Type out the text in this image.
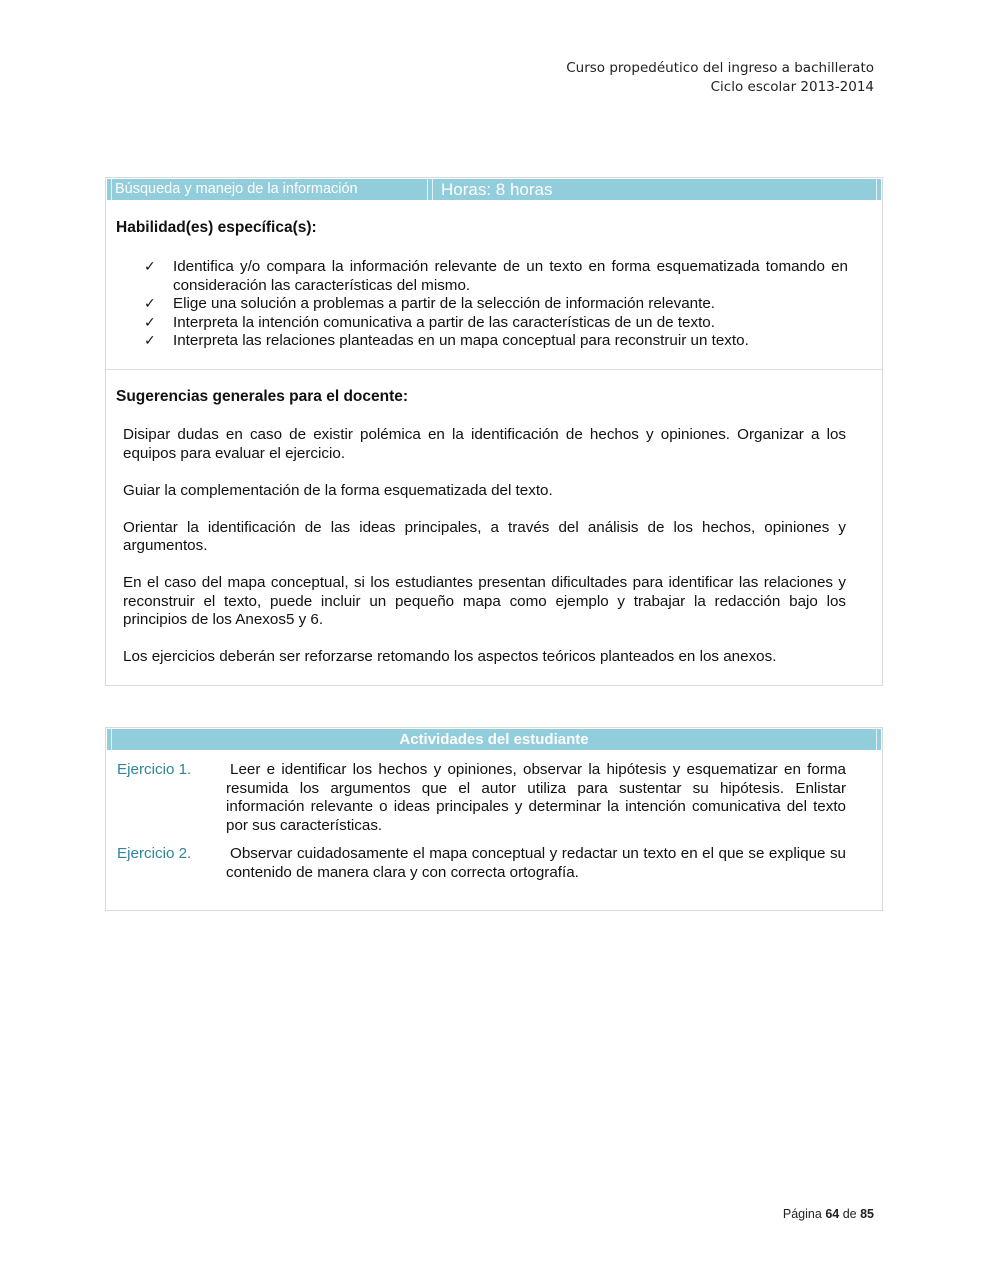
Curso propedéutico del ingreso a bachillerato
Ciclo escolar 2013-2014
Búsqueda y manejo de la información	Horas: 8 horas
Habilidad(es) específica(s):
✓ Identifica y/o compara la información relevante de un texto en forma esquematizada tomando en consideración las características del mismo.
✓ Elige una solución a problemas a partir de la selección de información relevante.
✓ Interpreta la intención comunicativa a partir de las características de un de texto.
✓ Interpreta las relaciones planteadas en un mapa conceptual para reconstruir un texto.
Sugerencias generales para el docente:

Disipar dudas en caso de existir polémica en la identificación de hechos y opiniones. Organizar a los equipos para evaluar el ejercicio.

Guiar la complementación de la forma esquematizada del texto.

Orientar la identificación de las ideas principales, a través del análisis de los hechos, opiniones y argumentos.

En el caso del mapa conceptual, si los estudiantes presentan dificultades para identificar las relaciones y reconstruir el texto, puede incluir un pequeño mapa como ejemplo y trabajar la redacción bajo los principios de los Anexos5 y 6.

Los ejercicios deberán ser reforzarse retomando los aspectos teóricos planteados en los anexos.

Actividades del estudiante
Ejercicio 1.	Leer e identificar los hechos y opiniones, observar la hipótesis y esquematizar en forma resumida los argumentos que el autor utiliza para sustentar su hipótesis. Enlistar información relevante o ideas principales y determinar la intención comunicativa del texto por sus características.
Ejercicio 2.	Observar cuidadosamente el mapa conceptual y redactar un texto en el que se explique su contenido de manera clara y con correcta ortografía.
Página 64 de 85
